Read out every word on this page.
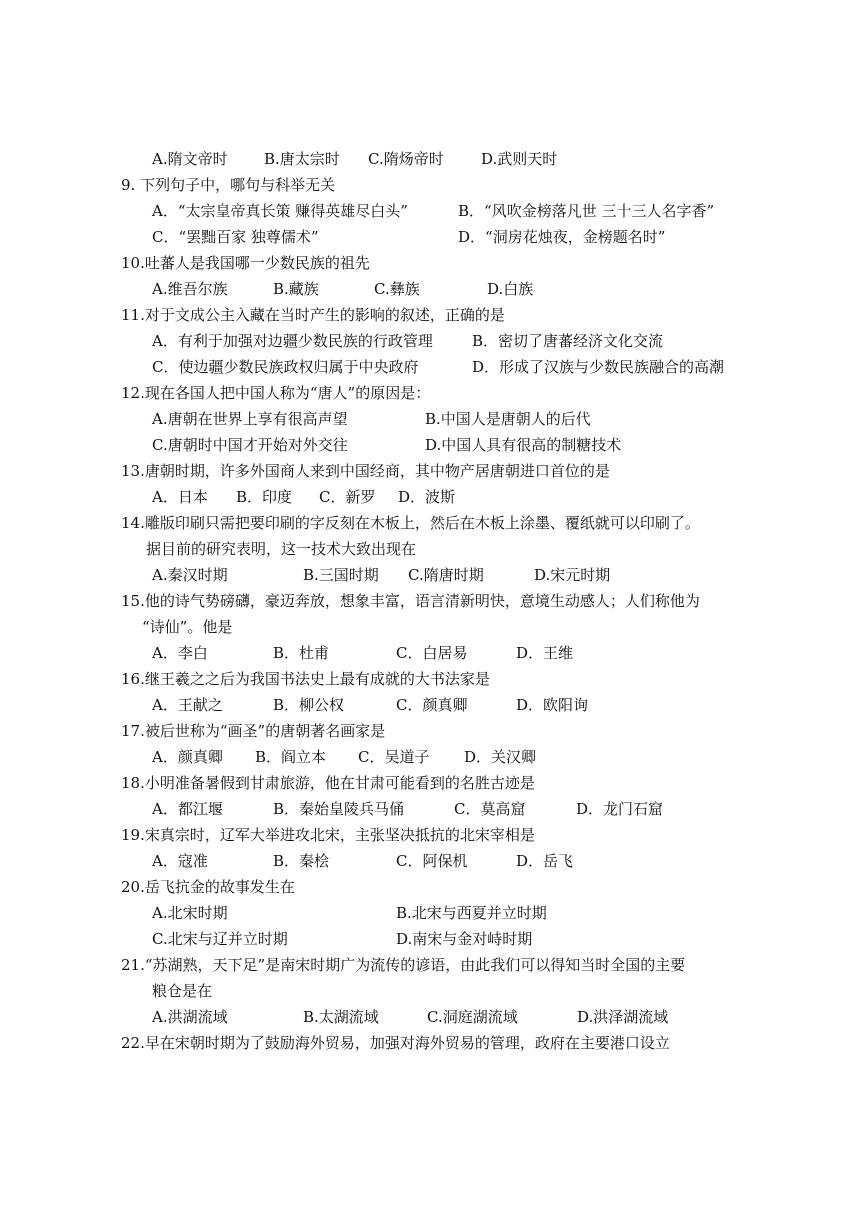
A.隋文帝时 B.唐太宗时 C.隋炀帝时 D.武则天时
9. 下列句子中，哪句与科举无关
A．“太宗皇帝真长策 赚得英雄尽白头”	B．“风吹金榜落凡世 三十三人名字香”
C．“罢黜百家 独尊儒术”	D．“洞房花烛夜，金榜题名时”
10.吐蕃人是我国哪一少数民族的祖先
A.维吾尔族	B.藏族	C.彝族	D.白族
11.对于文成公主入藏在当时产生的影响的叙述，正确的是
A．有利于加强对边疆少数民族的行政管理	B．密切了唐蕃经济文化交流
C．使边疆少数民族政权归属于中央政府	D．形成了汉族与少数民族融合的高潮
12.现在各国人把中国人称为“唐人”的原因是：
A.唐朝在世界上享有很高声望	B.中国人是唐朝人的后代
C.唐朝时中国才开始对外交往	D.中国人具有很高的制糖技术
13.唐朝时期，许多外国商人来到中国经商，其中物产居唐朝进口首位的是
A．日本 B．印度 C．新罗 D．波斯
14.雕版印刷只需把要印刷的字反刻在木板上，然后在木板上涂墨、覆纸就可以印刷了。
据目前的研究表明，这一技术大致出现在
A.秦汉时期	B.三国时期 C.隋唐时期	D.宋元时期
15.他的诗气势磅礴，豪迈奔放，想象丰富，语言清新明快，意境生动感人；人们称他为
“诗仙”。他是
A．李白	B．杜甫	C．白居易	D．王维
16.继王羲之之后为我国书法史上最有成就的大书法家是
A．王献之	B．柳公权	C．颜真卿	D．欧阳询
17.被后世称为“画圣”的唐朝著名画家是
A．颜真卿 B．阎立本 C．吴道子 D．关汉卿
18.小明准备暑假到甘肃旅游，他在甘肃可能看到的名胜古迹是
A．都江堰	B．秦始皇陵兵马俑	C．莫高窟	D．龙门石窟
19.宋真宗时，辽军大举进攻北宋，主张坚决抵抗的北宋宰相是
A．寇准	B．秦桧	C．阿保机	D．岳飞
20.岳飞抗金的故事发生在
A.北宋时期	B.北宋与西夏并立时期
C.北宋与辽并立时期	D.南宋与金对峙时期
21.“苏湖熟，天下足”是南宋时期广为流传的谚语，由此我们可以得知当时全国的主要
粮仓是在
A.洪湖流域	B.太湖流域	C.洞庭湖流域	D.洪泽湖流域
22.早在宋朝时期为了鼓励海外贸易，加强对海外贸易的管理，政府在主要港口设立
